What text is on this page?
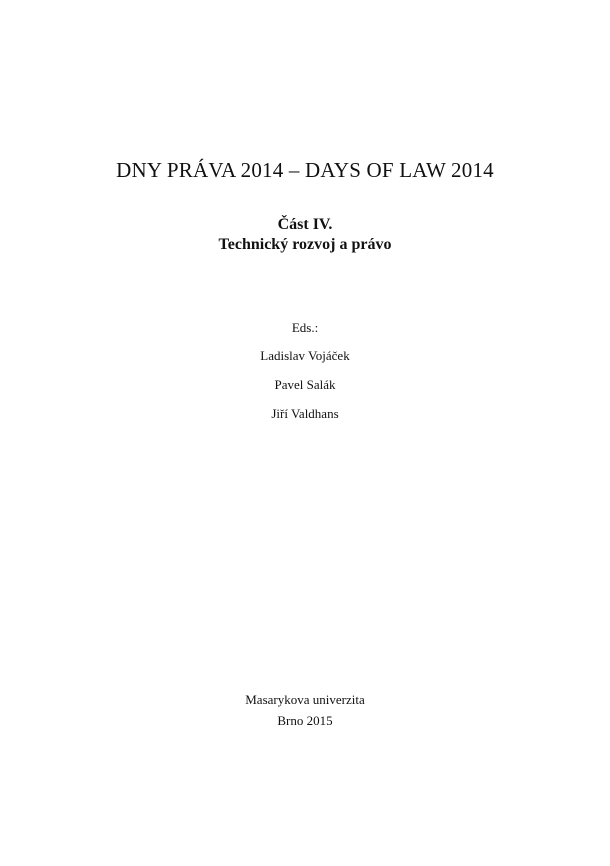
DNY PRÁVA 2014 – DAYS OF LAW 2014
Část IV.
Technický rozvoj a právo
Eds.:
Ladislav Vojáček
Pavel Salák
Jiří Valdhans
Masarykova univerzita
Brno 2015
